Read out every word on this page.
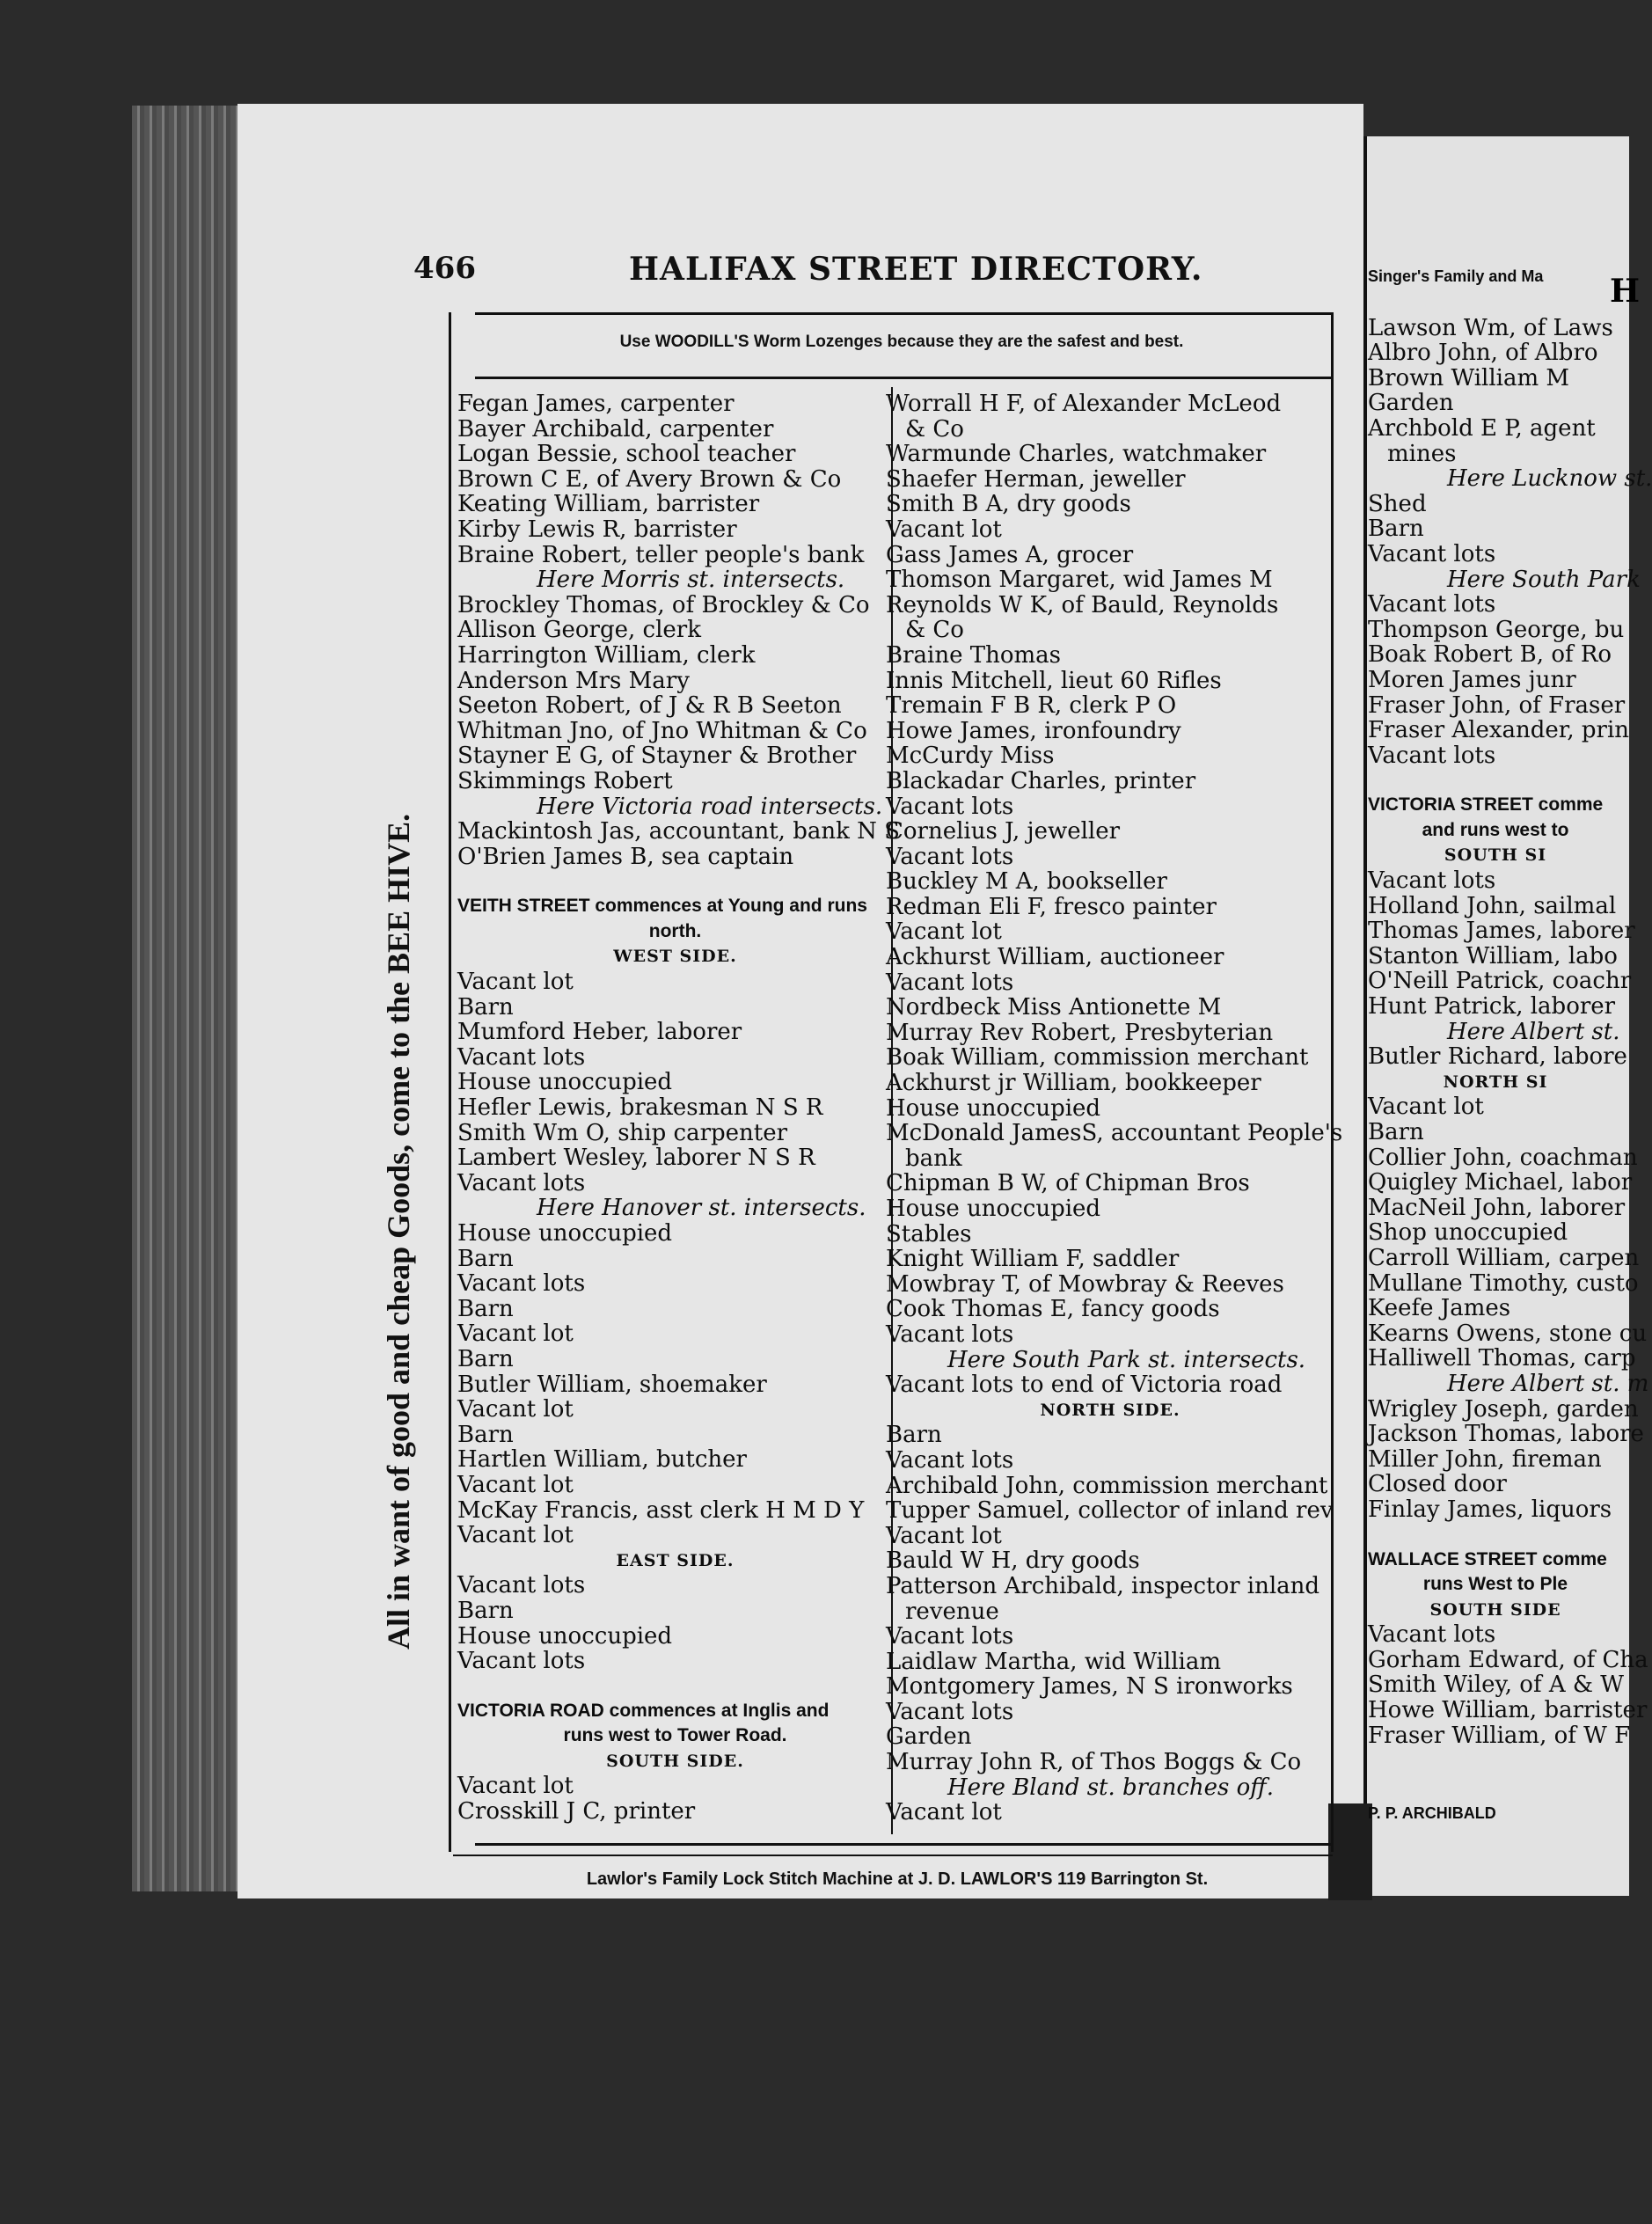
466	HALIFAX STREET DIRECTORY.
Use WOODILL'S Worm Lozenges because they are the safest and best.
All in want of good and cheap Goods, come to the BEE HIVE.
Fegan James, carpenter
Bayer Archibald, carpenter
Logan Bessie, school teacher
Brown C E, of Avery Brown & Co
Keating William, barrister
Kirby Lewis R, barrister
Braine Robert, teller people's bank
Here Morris st. intersects.
Brockley Thomas, of Brockley & Co
Allison George, clerk
Harrington William, clerk
Anderson Mrs Mary
Seeton Robert, of J & R B Seeton
Whitman Jno, of Jno Whitman & Co
Stayner E G, of Stayner & Brother
Skimmings Robert
Here Victoria road intersects.
Mackintosh Jas, accountant, bank N S
O'Brien James B, sea captain
VEITH STREET commences at Young and runs
north.
WEST SIDE.
Vacant lot
Barn
Mumford Heber, laborer
Vacant lots
House unoccupied
Hefler Lewis, brakesman N S R
Smith Wm O, ship carpenter
Lambert Wesley, laborer N S R
Vacant lots
Here Hanover st. intersects.
House unoccupied
Barn
Vacant lots
Barn
Vacant lot
Barn
Butler William, shoemaker
Vacant lot
Barn
Hartlen William, butcher
Vacant lot
McKay Francis, asst clerk H M D Y
Vacant lot
EAST SIDE.
Vacant lots
Barn
House unoccupied
Vacant lots
VICTORIA ROAD commences at Inglis and
runs west to Tower Road.
SOUTH SIDE.
Vacant lot
Crosskill J C, printer
Worrall H F, of Alexander McLeod
& Co
Warmunde Charles, watchmaker
Shaefer Herman, jeweller
Smith B A, dry goods
Vacant lot
Gass James A, grocer
Thomson Margaret, wid James M
Reynolds W K, of Bauld, Reynolds
& Co
Braine Thomas
Innis Mitchell, lieut 60 Rifles
Tremain F B R, clerk P O
Howe James, ironfoundry
McCurdy Miss
Blackadar Charles, printer
Vacant lots
Cornelius J, jeweller
Vacant lots
Buckley M A, bookseller
Redman Eli F, fresco painter
Vacant lot
Ackhurst William, auctioneer
Vacant lots
Nordbeck Miss Antionette M
Murray Rev Robert, Presbyterian
Boak William, commission merchant
Ackhurst jr William, bookkeeper
House unoccupied
McDonald JamesS, accountant People's
bank
Chipman B W, of Chipman Bros
House unoccupied
Stables
Knight William F, saddler
Mowbray T, of Mowbray & Reeves
Cook Thomas E, fancy goods
Vacant lots
Here South Park st. intersects.
Vacant lots to end of Victoria road
NORTH SIDE.
Barn
Vacant lots
Archibald John, commission merchant
Tupper Samuel, collector of inland rev
Vacant lot
Bauld W H, dry goods
Patterson Archibald, inspector inland
revenue
Vacant lots
Laidlaw Martha, wid William
Montgomery James, N S ironworks
Vacant lots
Garden
Murray John R, of Thos Boggs & Co
Here Bland st. branches off.
Vacant lot
Lawlor's Family Lock Stitch Machine at J. D. LAWLOR'S 119 Barrington St.
H
Singer's Family and Ma
Lawson Wm, of Laws
Albro John, of Albro
Brown William M
Garden
Archbold E P, agent
mines
Here Lucknow st.
Shed
Barn
Vacant lots
Here South Park
Vacant lots
Thompson George, bu
Boak Robert B, of Ro
Moren James junr
Fraser John, of Fraser
Fraser Alexander, prin
Vacant lots
VICTORIA STREET comme
and runs west to
SOUTH SI
Vacant lots
Holland John, sailmal
Thomas James, laborer
Stanton William, labo
O'Neill Patrick, coachr
Hunt Patrick, laborer
Here Albert st.
Butler Richard, labore
NORTH SI
Vacant lot
Barn
Collier John, coachman
Quigley Michael, labor
MacNeil John, laborer
Shop unoccupied
Carroll William, carpen
Mullane Timothy, custo
Keefe James
Kearns Owens, stone cu
Halliwell Thomas, carp
Here Albert st. m
Wrigley Joseph, garden
Jackson Thomas, labore
Miller John, fireman
Closed door
Finlay James, liquors
WALLACE STREET comme
runs West to Ple
SOUTH SIDE
Vacant lots
Gorham Edward, of Cha
Smith Wiley, of A & W
Howe William, barrister
Fraser William, of W F
P. P. ARCHIBALD
